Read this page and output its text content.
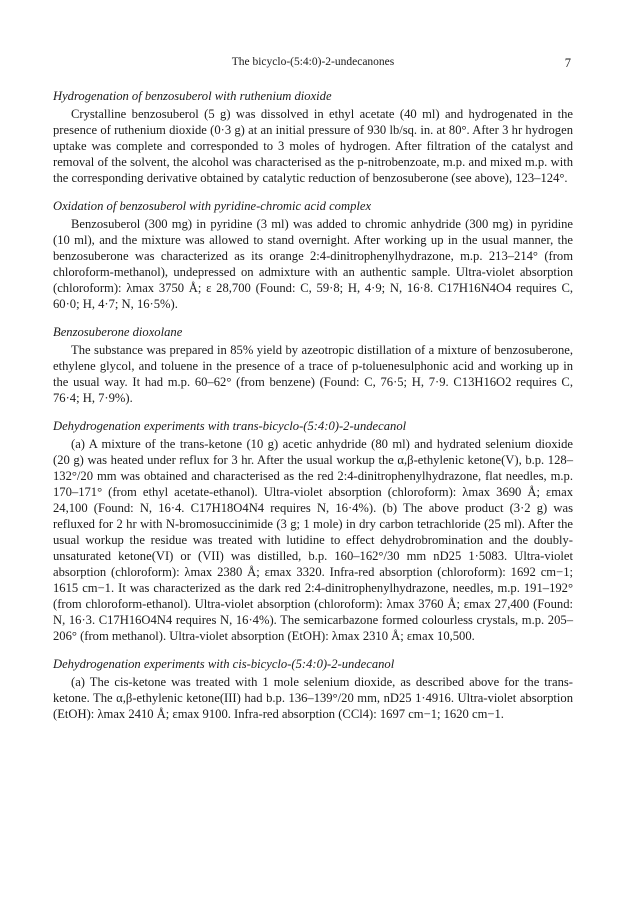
The bicyclo-(5:4:0)-2-undecanones	7
Hydrogenation of benzosuberol with ruthenium dioxide

Crystalline benzosuberol (5 g) was dissolved in ethyl acetate (40 ml) and hydrogenated in the presence of ruthenium dioxide (0·3 g) at an initial pressure of 930 lb/sq. in. at 80°. After 3 hr hydrogen uptake was complete and corresponded to 3 moles of hydrogen. After filtration of the catalyst and removal of the solvent, the alcohol was characterised as the p-nitrobenzoate, m.p. and mixed m.p. with the corresponding derivative obtained by catalytic reduction of benzosuberone (see above), 123–124°.

Oxidation of benzosuberol with pyridine-chromic acid complex

Benzosuberol (300 mg) in pyridine (3 ml) was added to chromic anhydride (300 mg) in pyridine (10 ml), and the mixture was allowed to stand overnight. After working up in the usual manner, the benzosuberone was characterized as its orange 2:4-dinitrophenylhydrazone, m.p. 213–214° (from chloroform-methanol), undepressed on admixture with an authentic sample. Ultra-violet absorption (chloroform): λmax 3750 Å; ε 28,700 (Found: C, 59·8; H, 4·9; N, 16·8. C17H16N4O4 requires C, 60·0; H, 4·7; N, 16·5%).

Benzosuberone dioxolane

The substance was prepared in 85% yield by azeotropic distillation of a mixture of benzosuberone, ethylene glycol, and toluene in the presence of a trace of p-toluenesulphonic acid and working up in the usual way. It had m.p. 60–62° (from benzene) (Found: C, 76·5; H, 7·9. C13H16O2 requires C, 76·4; H, 7·9%).

Dehydrogenation experiments with trans-bicyclo-(5:4:0)-2-undecanol

(a) A mixture of the trans-ketone (10 g) acetic anhydride (80 ml) and hydrated selenium dioxide (20 g) was heated under reflux for 3 hr. After the usual workup the α,β-ethylenic ketone(V), b.p. 128–132°/20 mm was obtained and characterised as the red 2:4-dinitrophenylhydrazone, flat needles, m.p. 170–171° (from ethyl acetate-ethanol). Ultra-violet absorption (chloroform): λmax 3690 Å; εmax 24,100 (Found: N, 16·4. C17H18O4N4 requires N, 16·4%). (b) The above product (3·2 g) was refluxed for 2 hr with N-bromosuccinimide (3 g; 1 mole) in dry carbon tetrachloride (25 ml). After the usual workup the residue was treated with lutidine to effect dehydrobromination and the doubly-unsaturated ketone(VI) or (VII) was distilled, b.p. 160–162°/30 mm nD25 1·5083. Ultra-violet absorption (chloroform): λmax 2380 Å; εmax 3320. Infra-red absorption (chloroform): 1692 cm−1; 1615 cm−1. It was characterized as the dark red 2:4-dinitrophenylhydrazone, needles, m.p. 191–192° (from chloroform-ethanol). Ultra-violet absorption (chloroform): λmax 3760 Å; εmax 27,400 (Found: N, 16·3. C17H16O4N4 requires N, 16·4%). The semicarbazone formed colourless crystals, m.p. 205–206° (from methanol). Ultra-violet absorption (EtOH): λmax 2310 Å; εmax 10,500.

Dehydrogenation experiments with cis-bicyclo-(5:4:0)-2-undecanol

(a) The cis-ketone was treated with 1 mole selenium dioxide, as described above for the trans-ketone. The α,β-ethylenic ketone(III) had b.p. 136–139°/20 mm, nD25 1·4916. Ultra-violet absorption (EtOH): λmax 2410 Å; εmax 9100. Infra-red absorption (CCl4): 1697 cm−1; 1620 cm−1.
